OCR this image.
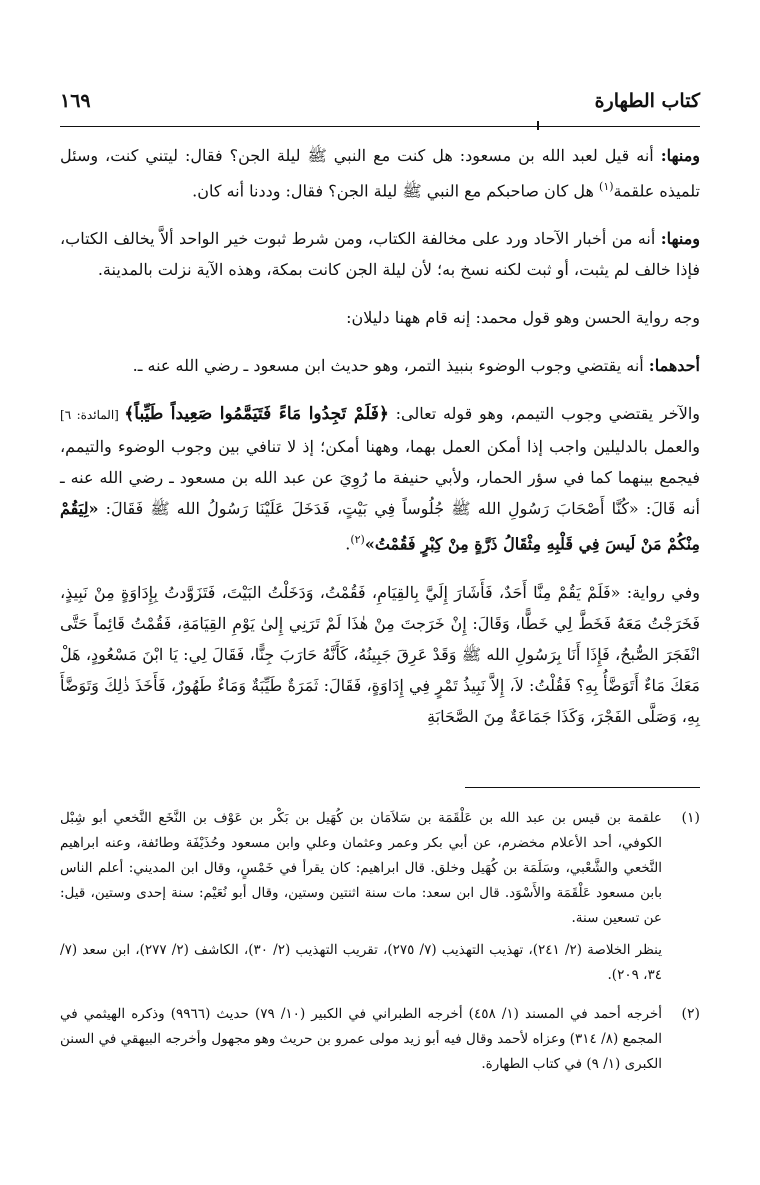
كتاب الطهارة
١٦٩

ومنها: أنه قيل لعبد الله بن مسعود: هل كنت مع النبي ﷺ ليلة الجن؟ فقال: ليتني كنت، وسئل تلميذه علقمة$^{(١)}$ هل كان صاحبكم مع النبي ﷺ ليلة الجن؟ فقال: وددنا أنه كان.

ومنها: أنه من أخبار الآحاد ورد على مخالفة الكتاب، ومن شرط ثبوت خير الواحد ألاَّ يخالف الكتاب، فإذا خالف لم يثبت، أو ثبت لكنه نسخ به؛ لأن ليلة الجن كانت بمكة، وهذه الآية نزلت بالمدينة.

وجه رواية الحسن وهو قول محمد: إنه قام ههنا دليلان:

أحدهما: أنه يقتضي وجوب الوضوء بنبيذ التمر، وهو حديث ابن مسعود ـ رضي الله عنه ـ.

والآخر يقتضي وجوب التيمم، وهو قوله تعالى: ﴿فَلَمْ تَجِدُوا مَاءً فَتَيَمَّمُوا صَعِيداً طَيِّباً﴾ [المائدة: ٦] والعمل بالدليلين واجب إذا أمكن العمل بهما، وههنا أمكن؛ إذ لا تنافي بين وجوب الوضوء والتيمم، فيجمع بينهما كما في سؤر الحمار، ولأبي حنيفة ما رُوِيَ عن عبد الله بن مسعود ـ رضي الله عنه ـ أنه قَالَ: «كُنَّا أَصْحَابَ رَسُولِ الله ﷺ جُلُوساً فِي بَيْتٍ، فَدَخَلَ عَلَيْنَا رَسُولُ الله ﷺ فَقَالَ: «لِيَقُمْ مِنْكُمْ مَنْ لَيسَ فِي قَلْبِهِ مِثْقَالُ ذَرَّةٍ مِنْ كِبْرٍ فَقُمْتُ»$^{(٢)}$.

وفي رواية: «فَلَمْ يَقُمْ مِنَّا أَحَدٌ، فَأَشَارَ إِلَيَّ بِالقِيَامِ، فَقُمْتُ، وَدَخَلْتُ البَيْتَ، فَتَزَوَّدتُ بِإِدَاوَةٍ مِنْ نَبِيذٍ، فَخَرَجْتُ مَعَهُ فَخَطَّ لِي خَطًّا، وَقَالَ: إِنْ خَرَجتَ مِنْ هٰذَا لَمْ تَرَنِي إِلىٰ يَوْمِ القِيَامَةِ، فَقُمْتُ قَائِماً حَتَّى انْفَجَرَ الصُّبحُ، فَإِذَا أَنَا بِرَسُولِ الله ﷺ وَقَدْ عَرِقَ جَبِينُهُ، كَأَنَّهُ حَارَبَ جِنًّا، فَقَالَ لِي: يَا ابْنَ مَسْعُودٍ، هَلْ مَعَكَ مَاءٌ أَتَوَضَّأُ بِهِ؟ فَقُلْتُ: لاَ، إِلاَّ نَبِيذُ تَمْرٍ فِي إِدَاوَةٍ، فَقَالَ: ثَمَرَةٌ طَيِّبَةٌ وَمَاءٌ طَهُورٌ، فَأَخَذَ ذٰلِكَ وَتَوَضَّأَ بِهِ، وَصَلَّى الفَجْرَ، وَكَذَا جَمَاعَةٌ مِنَ الصَّحَابَةِ

(١)

علقمة بن قيس بن عبد الله بن عَلْقَمَة بن سَلاَمَان بن كُهَيل بن بَكْر بن عَوْف بن النَّخَع النَّخعي أبو شِبْل الكوفي، أحد الأعلام مخضرم، عن أبي بكر وعمر وعثمان وعلي وابن مسعود وحُذَيْفَة وطائفة، وعنه ابراهيم النَّخعي والشَّعْبي، وسَلَمَة بن كُهَيل وخلق. قال ابراهيم: كان يقرأ في خَمْسٍ، وقال ابن المديني: أعلم الناس بابن مسعود عَلْقَمَة والأَسْوَد. قال ابن سعد: مات سنة اثنتين وستين، وقال أبو نُعَيْم: سنة إحدى وستين، قيل: عن تسعين سنة.

ينظر الخلاصة (٢/ ٢٤١)، تهذيب التهذيب (٧/ ٢٧٥)، تقريب التهذيب (٢/ ٣٠)، الكاشف (٢/ ٢٧٧)، ابن سعد (٧/ ٣٤، ٢٠٩).

(٢)

أخرجه أحمد في المسند (١/ ٤٥٨) أخرجه الطبراني في الكبير (١٠/ ٧٩) حديث (٩٩٦٦) وذكره الهيثمي في المجمع (٨/ ٣١٤) وعزاه لأحمد وقال فيه أبو زيد مولى عمرو بن حريث وهو مجهول وأخرجه البيهقي في السنن الكبرى (١/ ٩) في كتاب الطهارة.
